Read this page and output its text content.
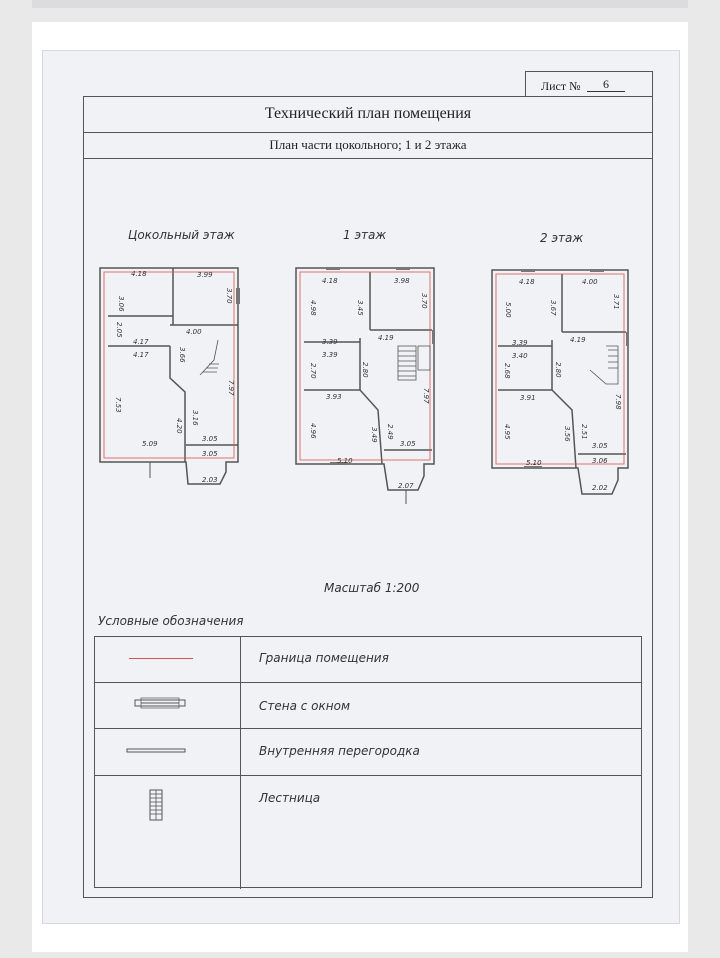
Лист №	6
Технический план помещения
План части цокольного; 1 и 2 этажа
Цокольный этаж	1 этаж	2 этаж
4.18	3.99
3.06
3.70
2.05
4.17
4.17
4.00
3.66
7.53
7.97
4.20
3.16
5.09
3.05
3.05
2.03
4.18	3.98
4.98	3.45	3.70
4.19
3.39
3.39
2.70	2.80
3.93
4.96	3.49 2.49
7.97
5.10
3.05
2.07
4.18	4.00
5.00	3.67	3.71
4.19
3.39
3.40
2.68	2.80
3.91
4.95	3.56 2.51
7.98
5.10
3.05
3.06
2.02
Масштаб 1:200
Условные обозначения
Граница помещения
Стена с окном
Внутренняя перегородка
Лестница
